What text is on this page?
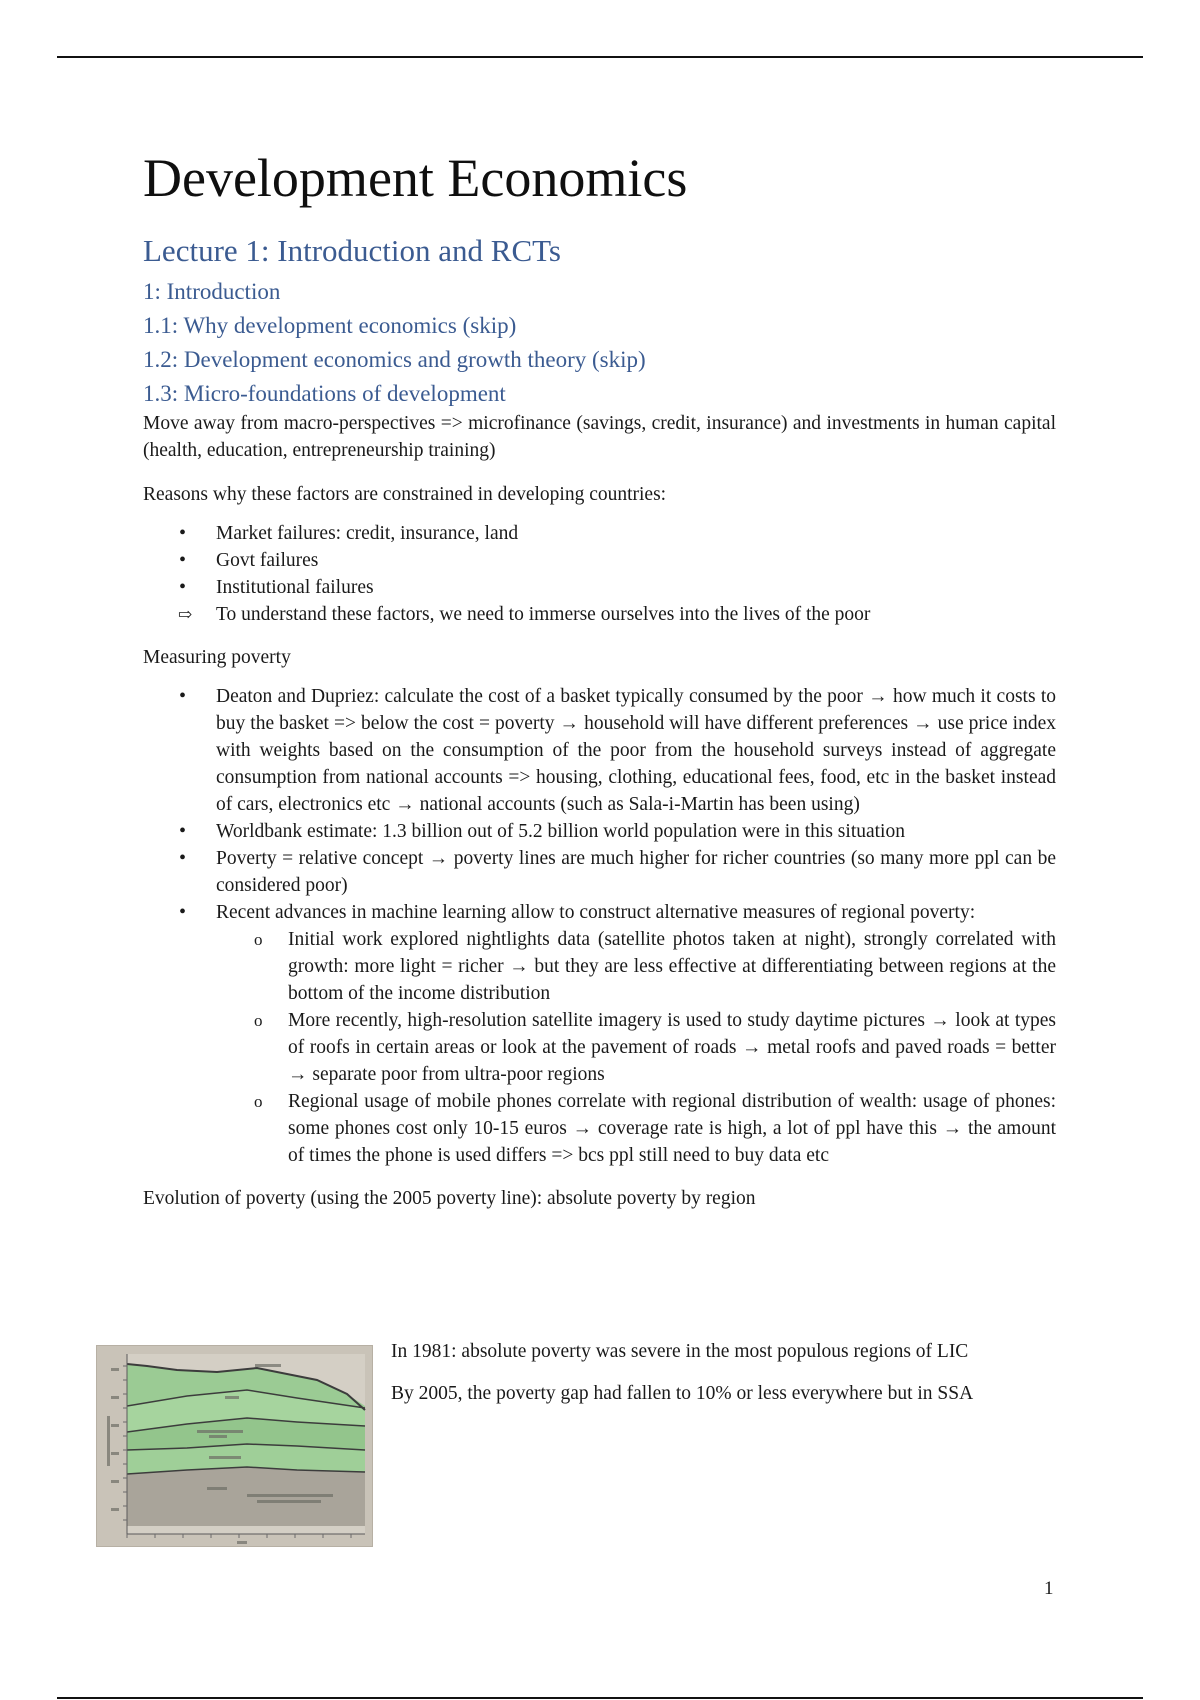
Development Economics
Lecture 1: Introduction and RCTs
1: Introduction
1.1: Why development economics (skip)
1.2: Development economics and growth theory (skip)
1.3: Micro-foundations of development

Move away from macro-perspectives => microfinance (savings, credit, insurance) and investments in human capital (health, education, entrepreneurship training)

Reasons why these factors are constrained in developing countries:

• Market failures: credit, insurance, land
• Govt failures
• Institutional failures
⇨ To understand these factors, we need to immerse ourselves into the lives of the poor

Measuring poverty

• Deaton and Dupriez: calculate the cost of a basket typically consumed by the poor → how much it costs to buy the basket => below the cost = poverty → household will have different preferences → use price index with weights based on the consumption of the poor from the household surveys instead of aggregate consumption from national accounts => housing, clothing, educational fees, food, etc in the basket instead of cars, electronics etc → national accounts (such as Sala-i-Martin has been using)
• Worldbank estimate: 1.3 billion out of 5.2 billion world population were in this situation
• Poverty = relative concept → poverty lines are much higher for richer countries (so many more ppl can be considered poor)
• Recent advances in machine learning allow to construct alternative measures of regional poverty:
o Initial work explored nightlights data (satellite photos taken at night), strongly correlated with growth: more light = richer → but they are less effective at differentiating between regions at the bottom of the income distribution
o More recently, high-resolution satellite imagery is used to study daytime pictures → look at types of roofs in certain areas or look at the pavement of roads → metal roofs and paved roads = better → separate poor from ultra-poor regions
o Regional usage of mobile phones correlate with regional distribution of wealth: usage of phones: some phones cost only 10-15 euros → coverage rate is high, a lot of ppl have this → the amount of times the phone is used differs => bcs ppl still need to buy data etc

Evolution of poverty (using the 2005 poverty line): absolute poverty by region

In 1981: absolute poverty was severe in the most populous regions of LIC

By 2005, the poverty gap had fallen to 10% or less everywhere but in SSA

1
